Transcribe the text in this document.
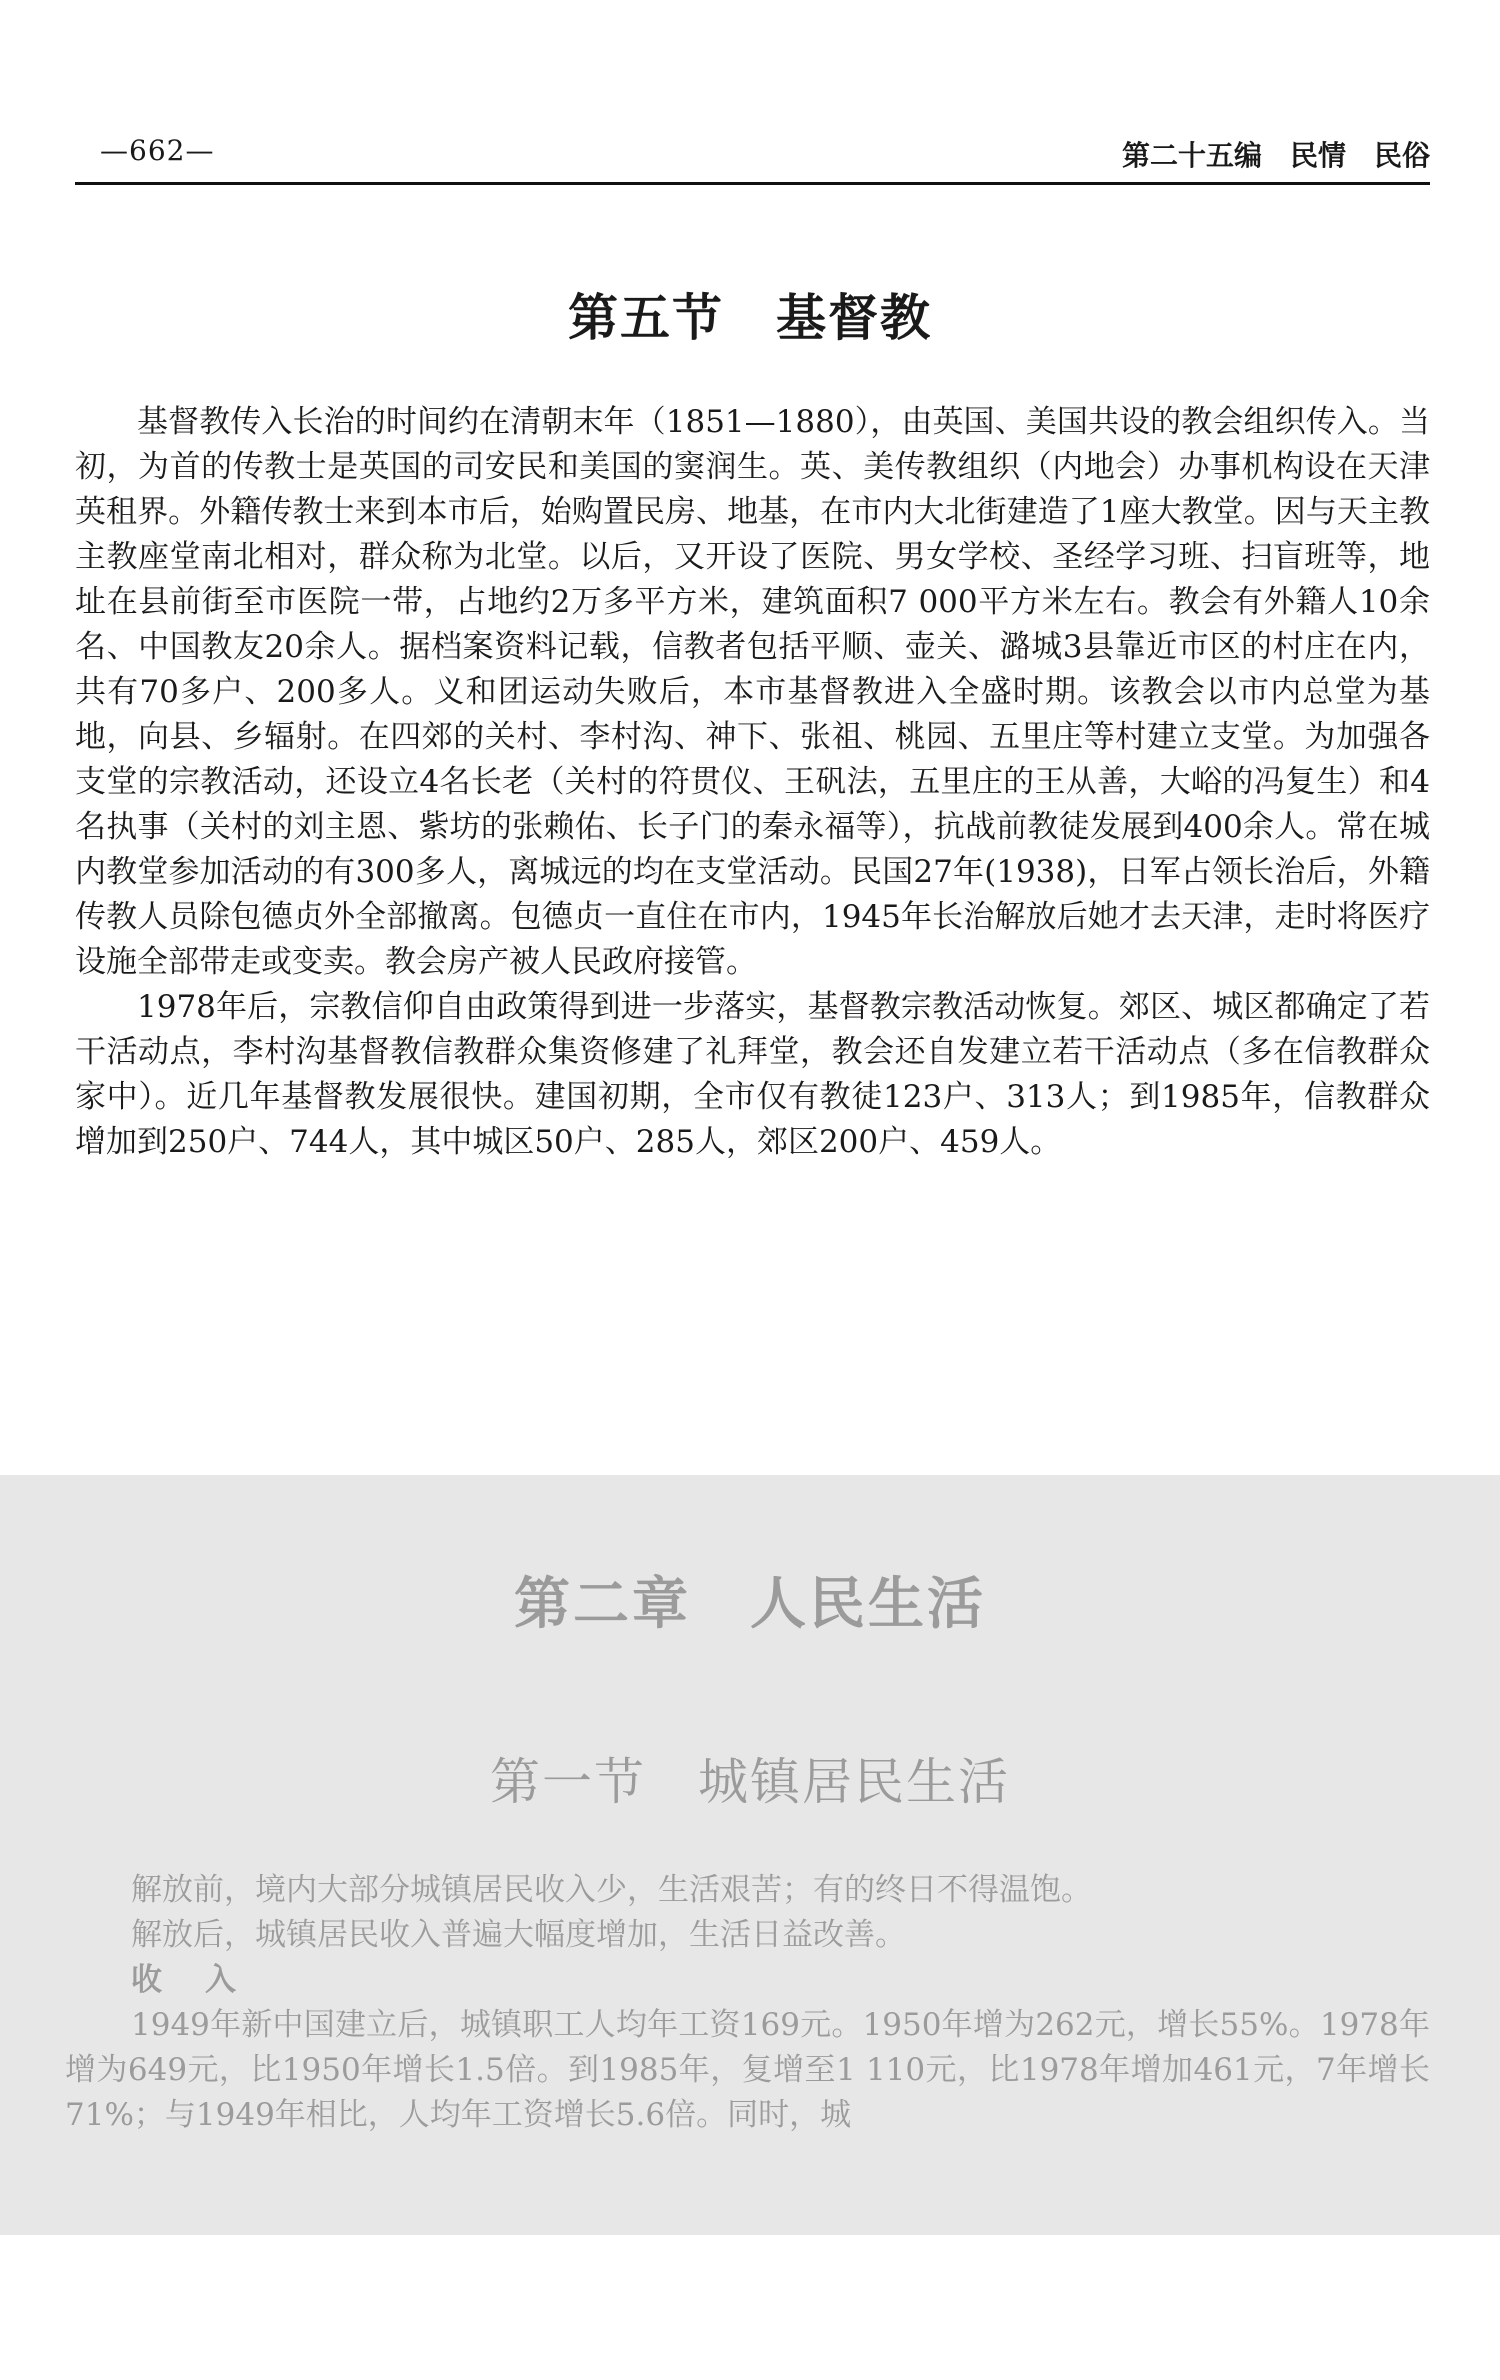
—662—	第二十五编　民情　民俗
第五节　基督教

基督教传入长治的时间约在清朝末年（1851—1880），由英国、美国共设的教会组织传入。当初，为首的传教士是英国的司安民和美国的窦润生。英、美传教组织（内地会）办事机构设在天津英租界。外籍传教士来到本市后，始购置民房、地基，在市内大北街建造了1座大教堂。因与天主教主教座堂南北相对，群众称为北堂。以后，又开设了医院、男女学校、圣经学习班、扫盲班等，地址在县前街至市医院一带，占地约2万多平方米，建筑面积7 000平方米左右。教会有外籍人10余名、中国教友20余人。据档案资料记载，信教者包括平顺、壶关、潞城3县靠近市区的村庄在内，共有70多户、200多人。义和团运动失败后，本市基督教进入全盛时期。该教会以市内总堂为基地，向县、乡辐射。在四郊的关村、李村沟、神下、张祖、桃园、五里庄等村建立支堂。为加强各支堂的宗教活动，还设立4名长老（关村的符贯仪、王矾法，五里庄的王从善，大峪的冯复生）和4名执事（关村的刘主恩、紫坊的张赖佑、长子门的秦永福等），抗战前教徒发展到400余人。常在城内教堂参加活动的有300多人，离城远的均在支堂活动。民国27年(1938)，日军占领长治后，外籍传教人员除包德贞外全部撤离。包德贞一直住在市内，1945年长治解放后她才去天津，走时将医疗设施全部带走或变卖。教会房产被人民政府接管。

1978年后，宗教信仰自由政策得到进一步落实，基督教宗教活动恢复。郊区、城区都确定了若干活动点，李村沟基督教信教群众集资修建了礼拜堂，教会还自发建立若干活动点（多在信教群众家中）。近几年基督教发展很快。建国初期，全市仅有教徒123户、313人；到1985年，信教群众增加到250户、744人，其中城区50户、285人，郊区200户、459人。

第二章　人民生活
第一节　城镇居民生活

解放前，境内大部分城镇居民收入少，生活艰苦；有的终日不得温饱。

解放后，城镇居民收入普遍大幅度增加，生活日益改善。

收　入

1949年新中国建立后，城镇职工人均年工资169元。1950年增为262元，增长55%。1978年增为649元，比1950年增长1.5倍。到1985年，复增至1 110元，比1978年增加461元，7年增长71%；与1949年相比，人均年工资增长5.6倍。同时，城
